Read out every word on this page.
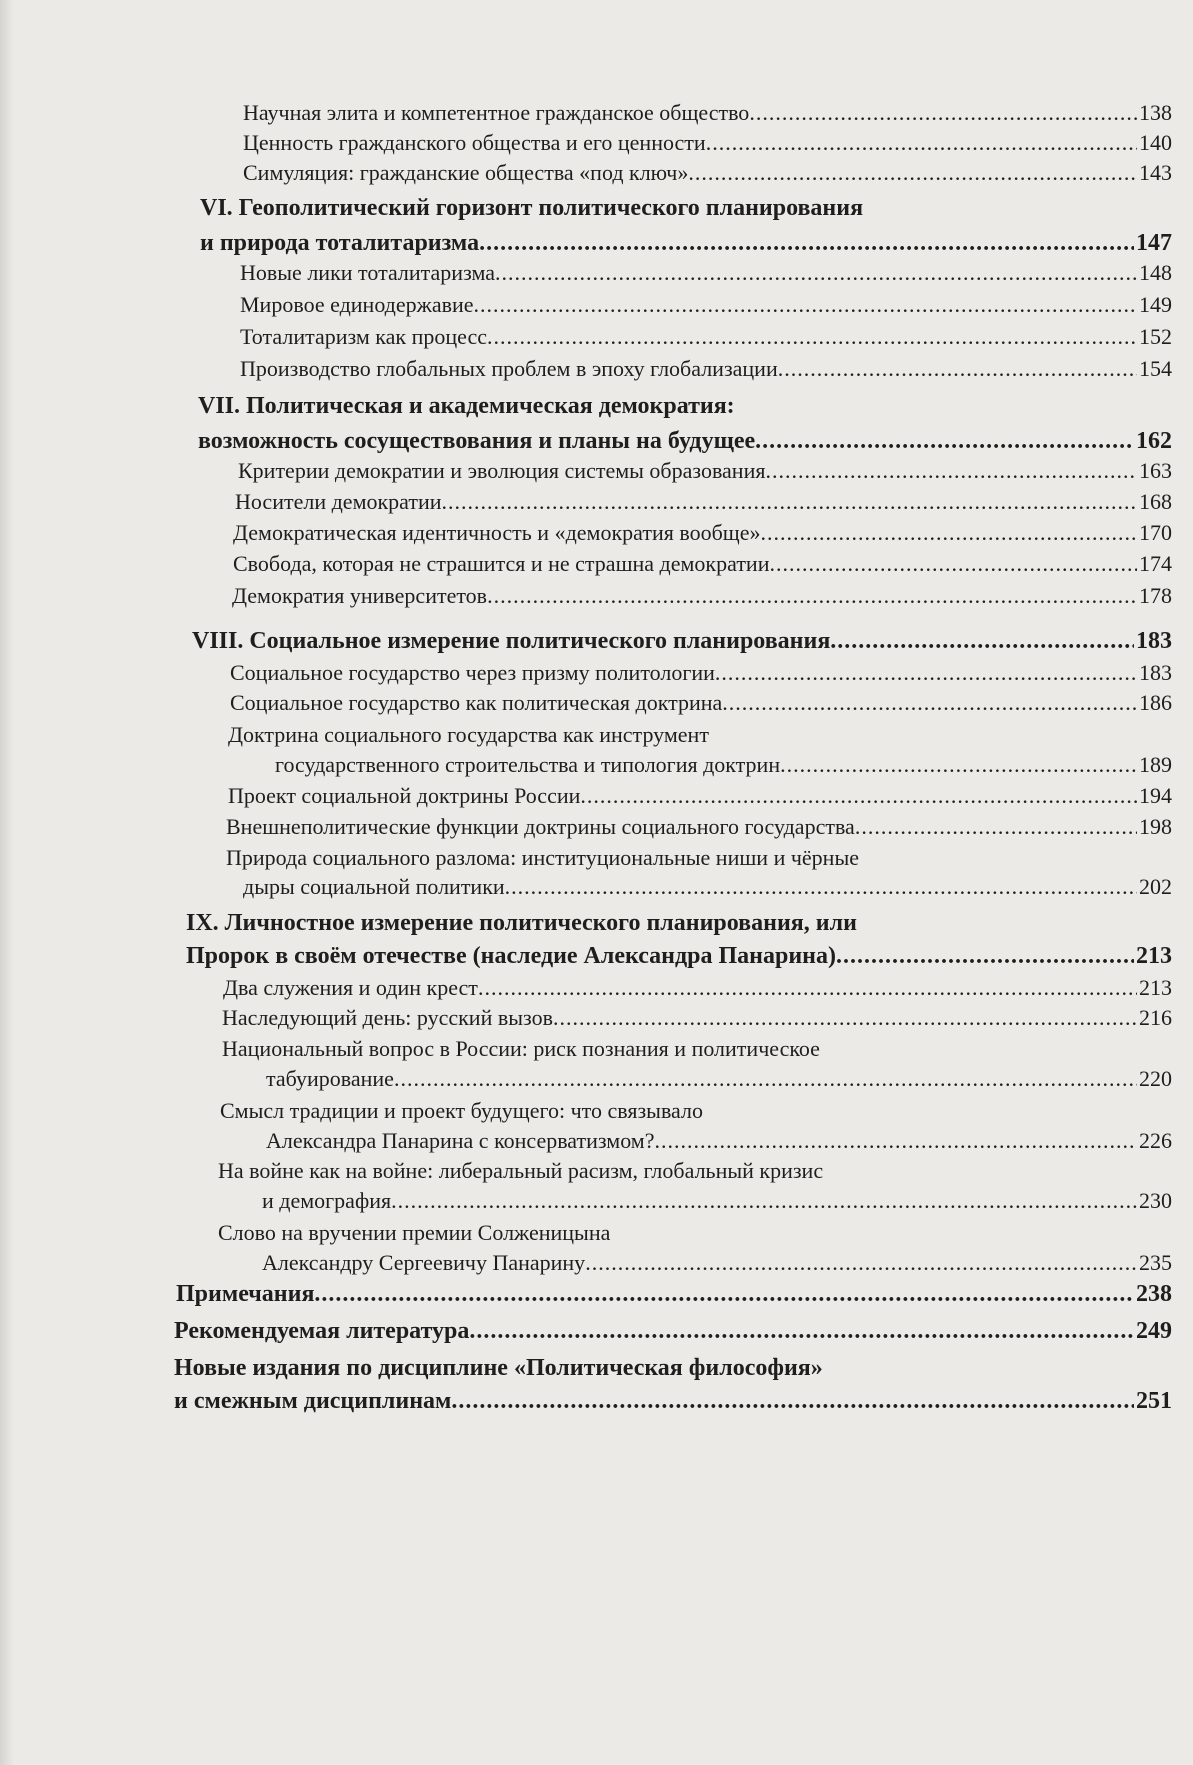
Научная элита и компетентное гражданское общество .....	138
Ценность гражданского общества и его ценности .....	140
Симуляция: гражданские общества «под ключ» .....	143
VI. Геополитический горизонт политического планирования
и природа тоталитаризма .....	147
Новые лики тоталитаризма .....	148
Мировое единодержавие .....	149
Тоталитаризм как процесс .....	152
Производство глобальных проблем в эпоху глобализации .....	154
VII. Политическая и академическая демократия:
возможность сосуществования и планы на будущее .....	162
Критерии демократии и эволюция системы образования .....	163
Носители демократии .....	168
Демократическая идентичность и «демократия вообще» .....	170
Свобода, которая не страшится и не страшна демократии .....	174
Демократия университетов .....	178
VIII. Социальное измерение политического планирования .....	183
Социальное государство через призму политологии .....	183
Социальное государство как политическая доктрина .....	186
Доктрина социального государства как инструмент
государственного строительства и типология доктрин .....	189
Проект социальной доктрины России .....	194
Внешнеполитические функции доктрины социального государства .....	198
Природа социального разлома: институциональные ниши и чёрные
дыры социальной политики .....	202
IX. Личностное измерение политического планирования, или
Пророк в своём отечестве (наследие Александра Панарина) .....	213
Два служения и один крест .....	213
Наследующий день: русский вызов .....	216
Национальный вопрос в России: риск познания и политическое
табуирование .....	220
Смысл традиции и проект будущего: что связывало
Александра Панарина с консерватизмом? .....	226
На войне как на войне: либеральный расизм, глобальный кризис
и демография .....	230
Слово на вручении премии Солженицына
Александру Сергеевичу Панарину .....	235
Примечания .....	238
Рекомендуемая литература .....	249
Новые издания по дисциплине «Политическая философия»
и смежным дисциплинам .....	251
